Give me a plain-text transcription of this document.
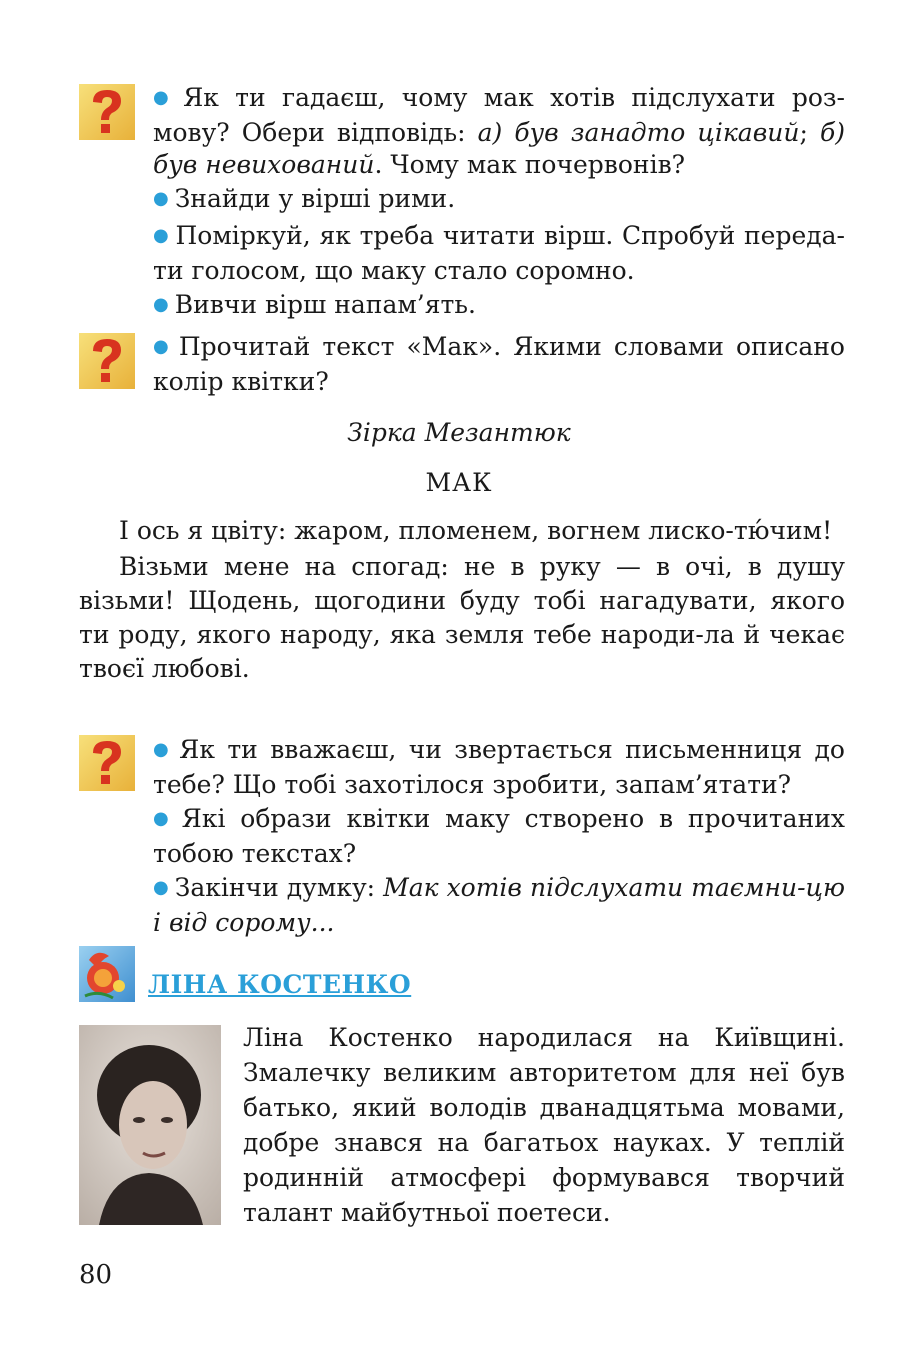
● Як ти гадаєш, чому мак хотів підслухати роз-мову? Обери відповідь: а) був занадто цікавий; б) був невихований. Чому мак почервонів?

● Знайди у вірші рими.

● Поміркуй, як треба читати вірш. Спробуй переда-ти голосом, що маку стало соромно.

● Вивчи вірш напам’ять.

● Прочитай текст «Мак». Якими словами описано колір квітки?

Зірка Мезантюк
МАК

І ось я цвіту: жаром, пломенем, вогнем лиско-тю́чим!

Візьми мене на спогад: не в руку — в очі, в душу візьми! Щодень, щогодини буду тобі нагадувати, якого ти роду, якого народу, яка земля тебе народи-ла й чекає твоєї любові.

● Як ти вважаєш, чи звертається письменниця до тебе? Що тобі захотілося зробити, запам’ятати?

● Які образи квітки маку створено в прочитаних тобою текстах?

● Закінчи думку: Мак хотів підслухати таємни-цю і від сорому...

ЛІНА КОСТЕНКО
Ліна Костенко народилася на Київщині. Змалечку великим авторитетом для неї був батько, який володів дванадцятьма мовами, добре знався на багатьох науках. У теплій родинній атмосфері формувався творчий талант майбутньої поетеси.
80
